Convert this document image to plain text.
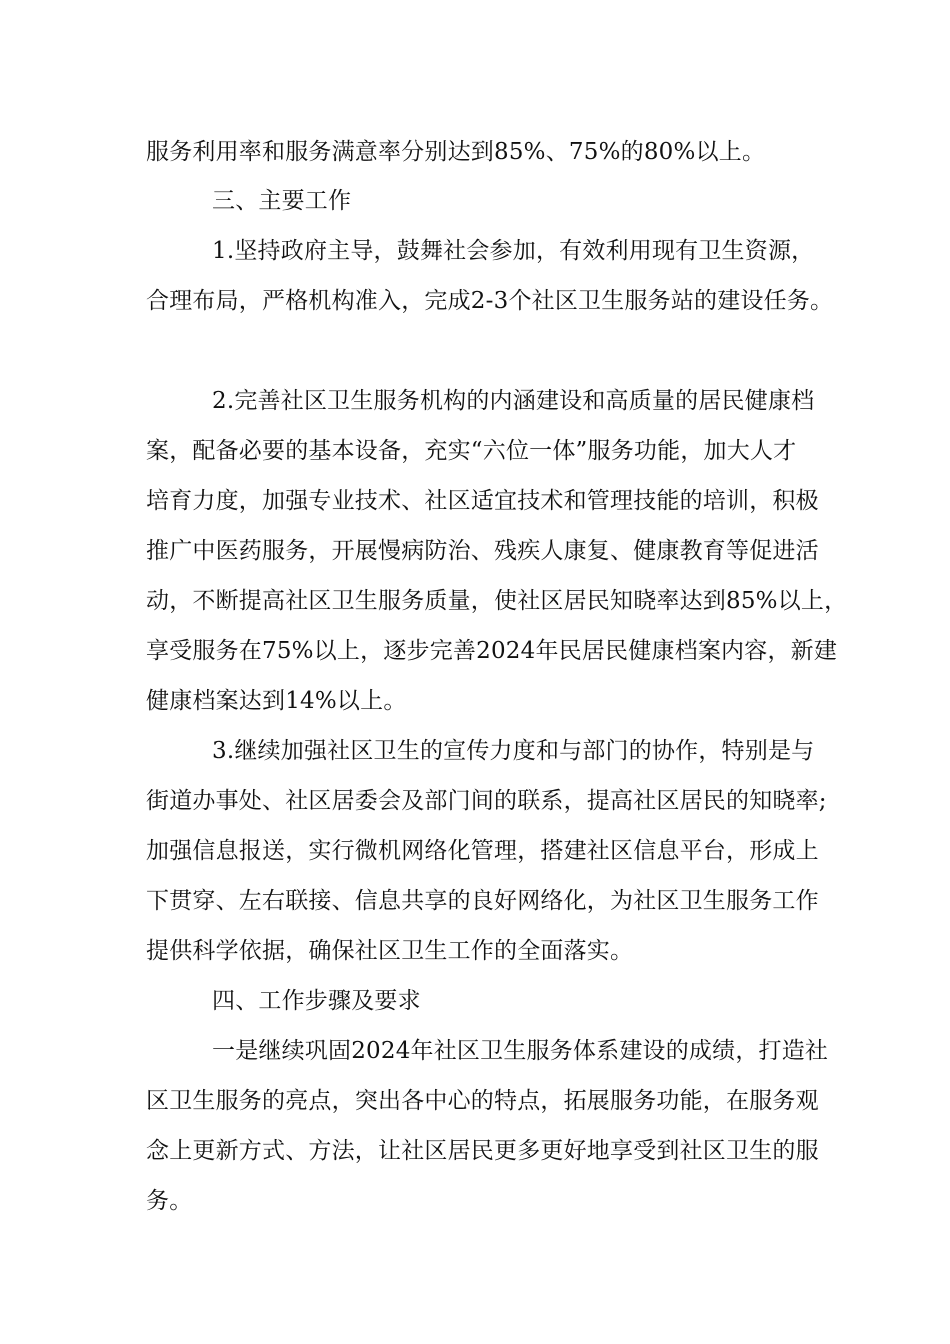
服务利用率和服务满意率分别达到85%、75%的80%以上。
三、主要工作
1.坚持政府主导，鼓舞社会参加，有效利用现有卫生资源，
合理布局，严格机构准入，完成2-3个社区卫生服务站的建设任务。
2.完善社区卫生服务机构的内涵建设和高质量的居民健康档
案，配备必要的基本设备，充实“六位一体”服务功能，加大人才
培育力度，加强专业技术、社区适宜技术和管理技能的培训，积极
推广中医药服务，开展慢病防治、残疾人康复、健康教育等促进活
动，不断提高社区卫生服务质量，使社区居民知晓率达到85%以上，
享受服务在75%以上，逐步完善2024年民居民健康档案内容，新建
健康档案达到14%以上。
3.继续加强社区卫生的宣传力度和与部门的协作，特别是与
街道办事处、社区居委会及部门间的联系，提高社区居民的知晓率;
加强信息报送，实行微机网络化管理，搭建社区信息平台，形成上
下贯穿、左右联接、信息共享的良好网络化，为社区卫生服务工作
提供科学依据，确保社区卫生工作的全面落实。
四、工作步骤及要求
一是继续巩固2024年社区卫生服务体系建设的成绩，打造社
区卫生服务的亮点，突出各中心的特点，拓展服务功能，在服务观
念上更新方式、方法，让社区居民更多更好地享受到社区卫生的服
务。
